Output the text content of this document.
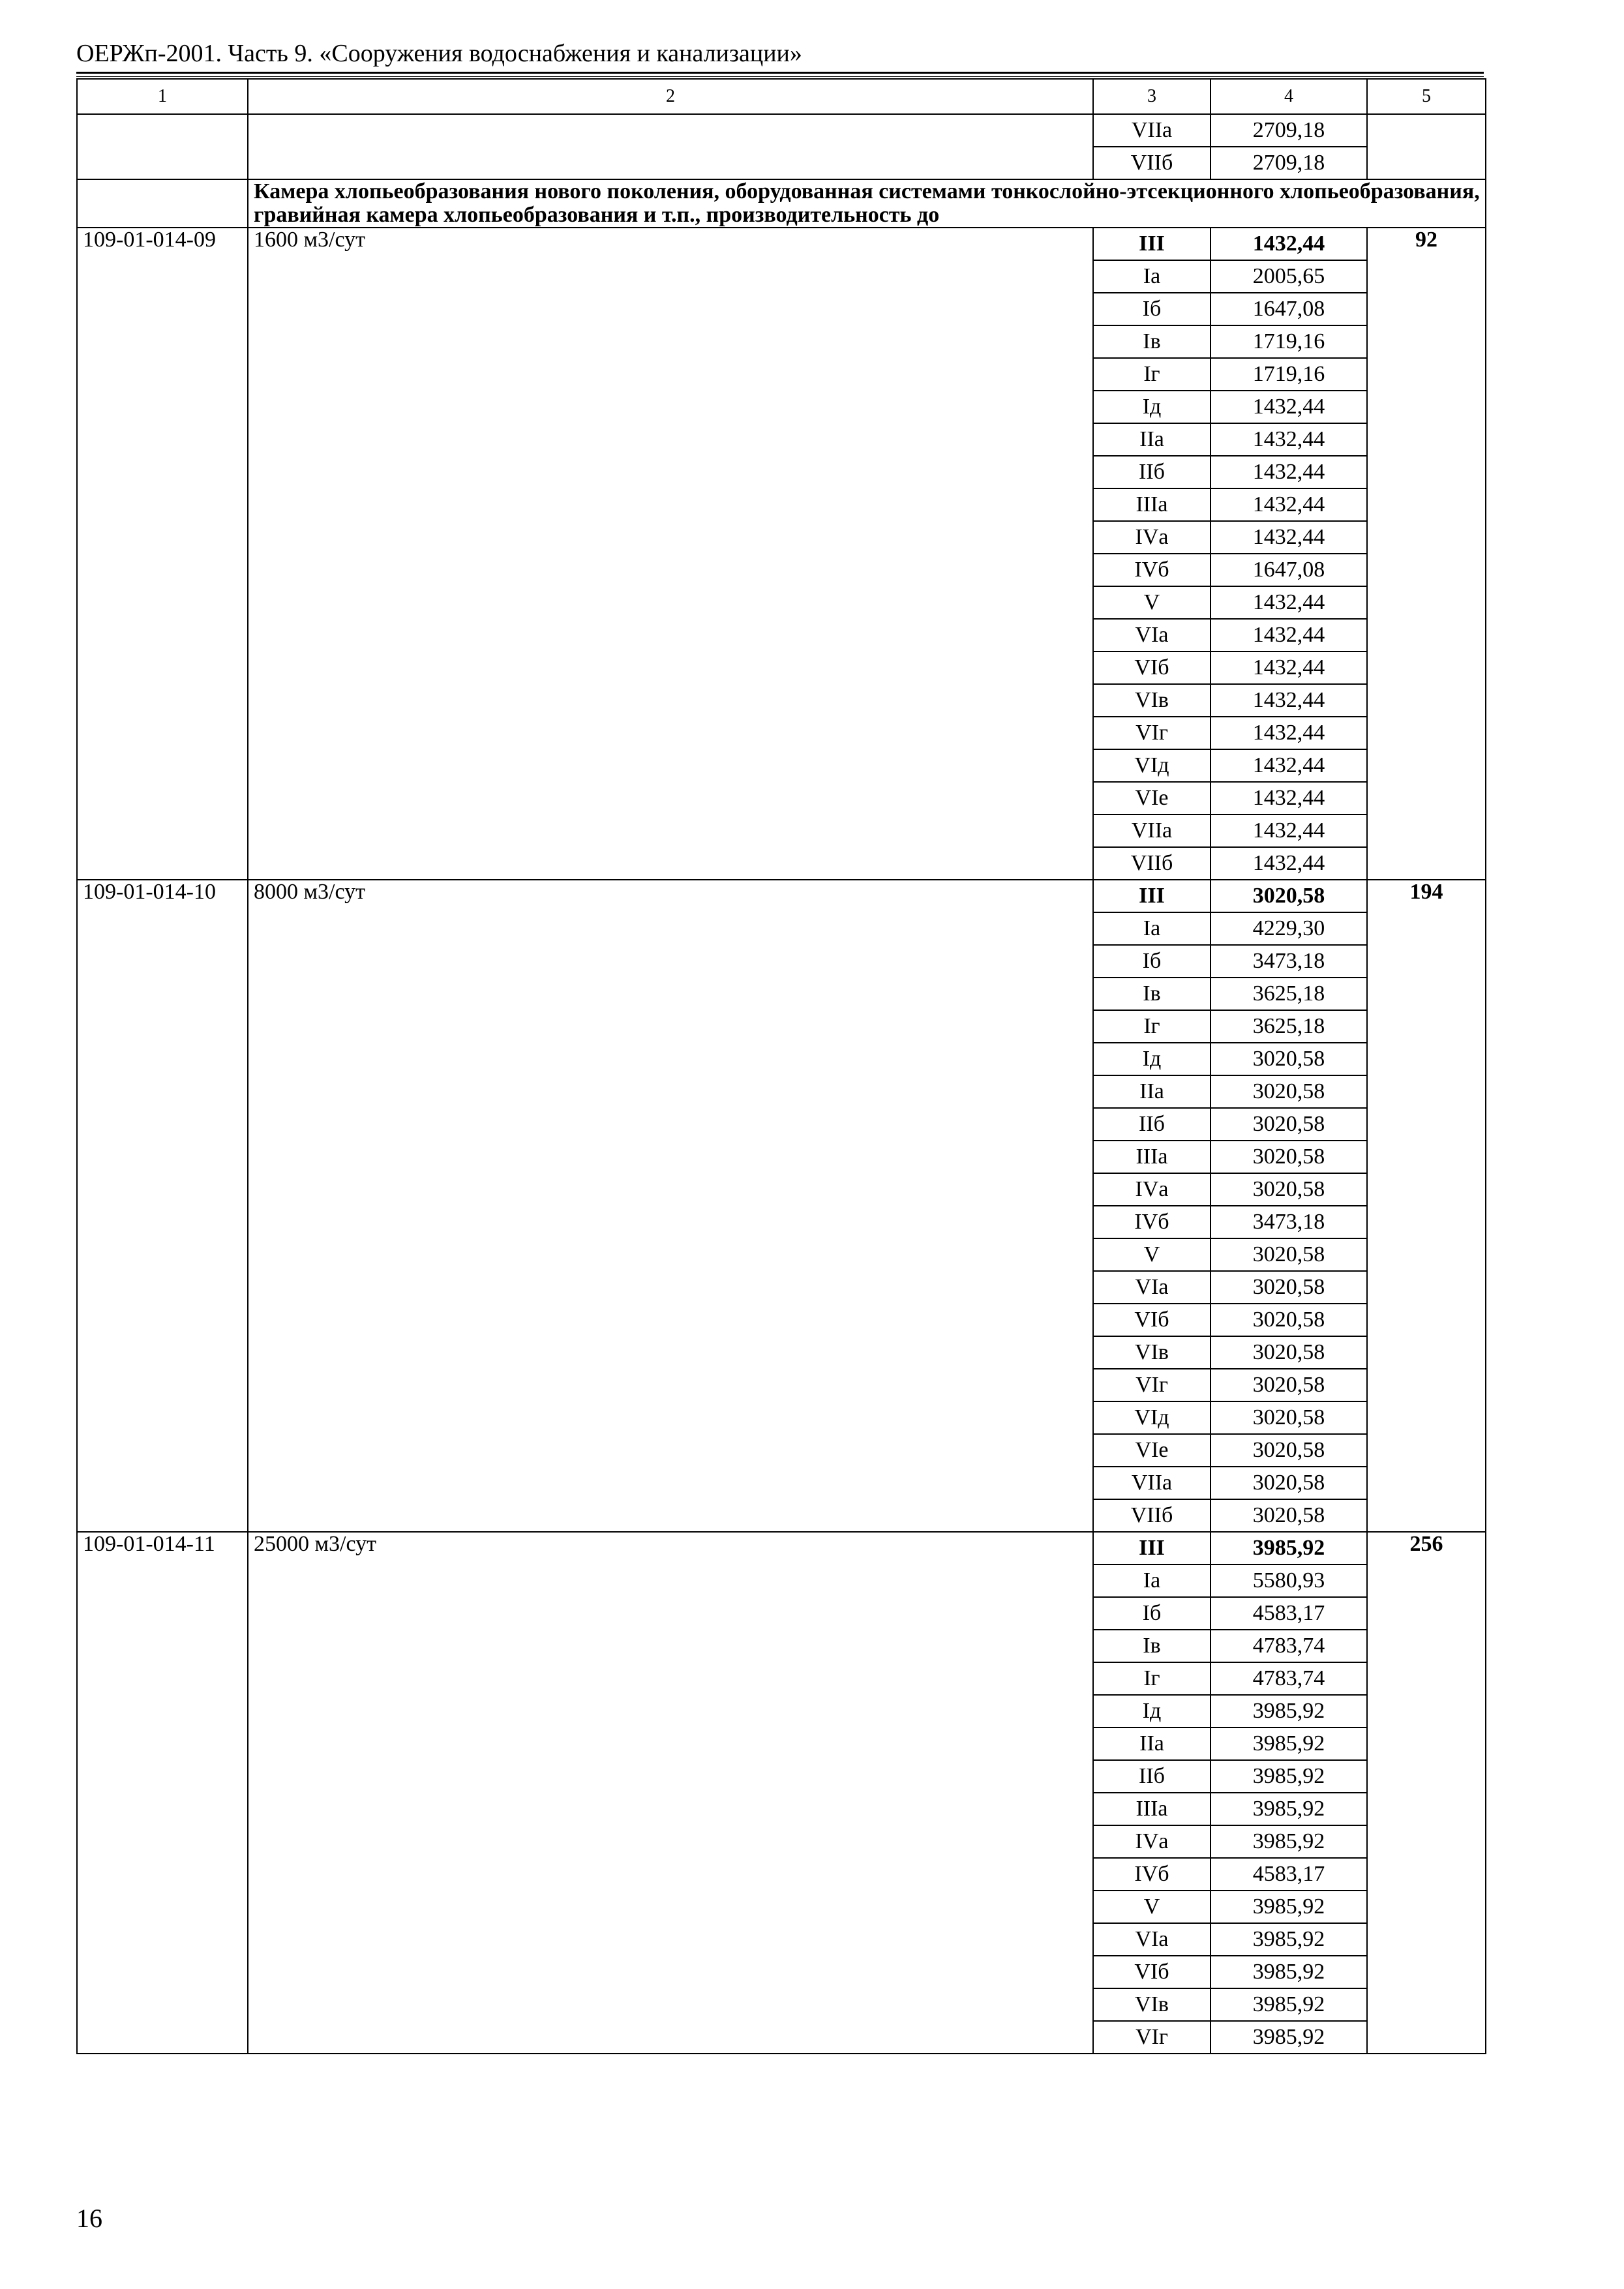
ОЕРЖп-2001. Часть 9. «Сооружения водоснабжения и канализации»
1	2	3	4	5
		VIIа	2709,18	
		VIIб	2709,18	
	Камера хлопьеобразования нового поколения, оборудованная системами тонкослойно-этсекционного хлопьеобразования, гравийная камера хлопьеобразования и т.п., производительность до			
109-01-014-09	1600 м3/сут	III	1432,44	92
		Iа	2005,65	
		Iб	1647,08	
		Iв	1719,16	
		Iг	1719,16	
		Iд	1432,44	
		IIа	1432,44	
		IIб	1432,44	
		IIIа	1432,44	
		IVа	1432,44	
		IVб	1647,08	
		V	1432,44	
		VIа	1432,44	
		VIб	1432,44	
		VIв	1432,44	
		VIг	1432,44	
		VIд	1432,44	
		VIе	1432,44	
		VIIа	1432,44	
		VIIб	1432,44	
109-01-014-10	8000 м3/сут	III	3020,58	194
		Iа	4229,30	
		Iб	3473,18	
		Iв	3625,18	
		Iг	3625,18	
		Iд	3020,58	
		IIа	3020,58	
		IIб	3020,58	
		IIIа	3020,58	
		IVа	3020,58	
		IVб	3473,18	
		V	3020,58	
		VIа	3020,58	
		VIб	3020,58	
		VIв	3020,58	
		VIг	3020,58	
		VIд	3020,58	
		VIе	3020,58	
		VIIа	3020,58	
		VIIб	3020,58	
109-01-014-11	25000 м3/сут	III	3985,92	256
		Iа	5580,93	
		Iб	4583,17	
		Iв	4783,74	
		Iг	4783,74	
		Iд	3985,92	
		IIа	3985,92	
		IIб	3985,92	
		IIIа	3985,92	
		IVа	3985,92	
		IVб	4583,17	
		V	3985,92	
		VIа	3985,92	
		VIб	3985,92	
		VIв	3985,92	
		VIг	3985,92	
16
